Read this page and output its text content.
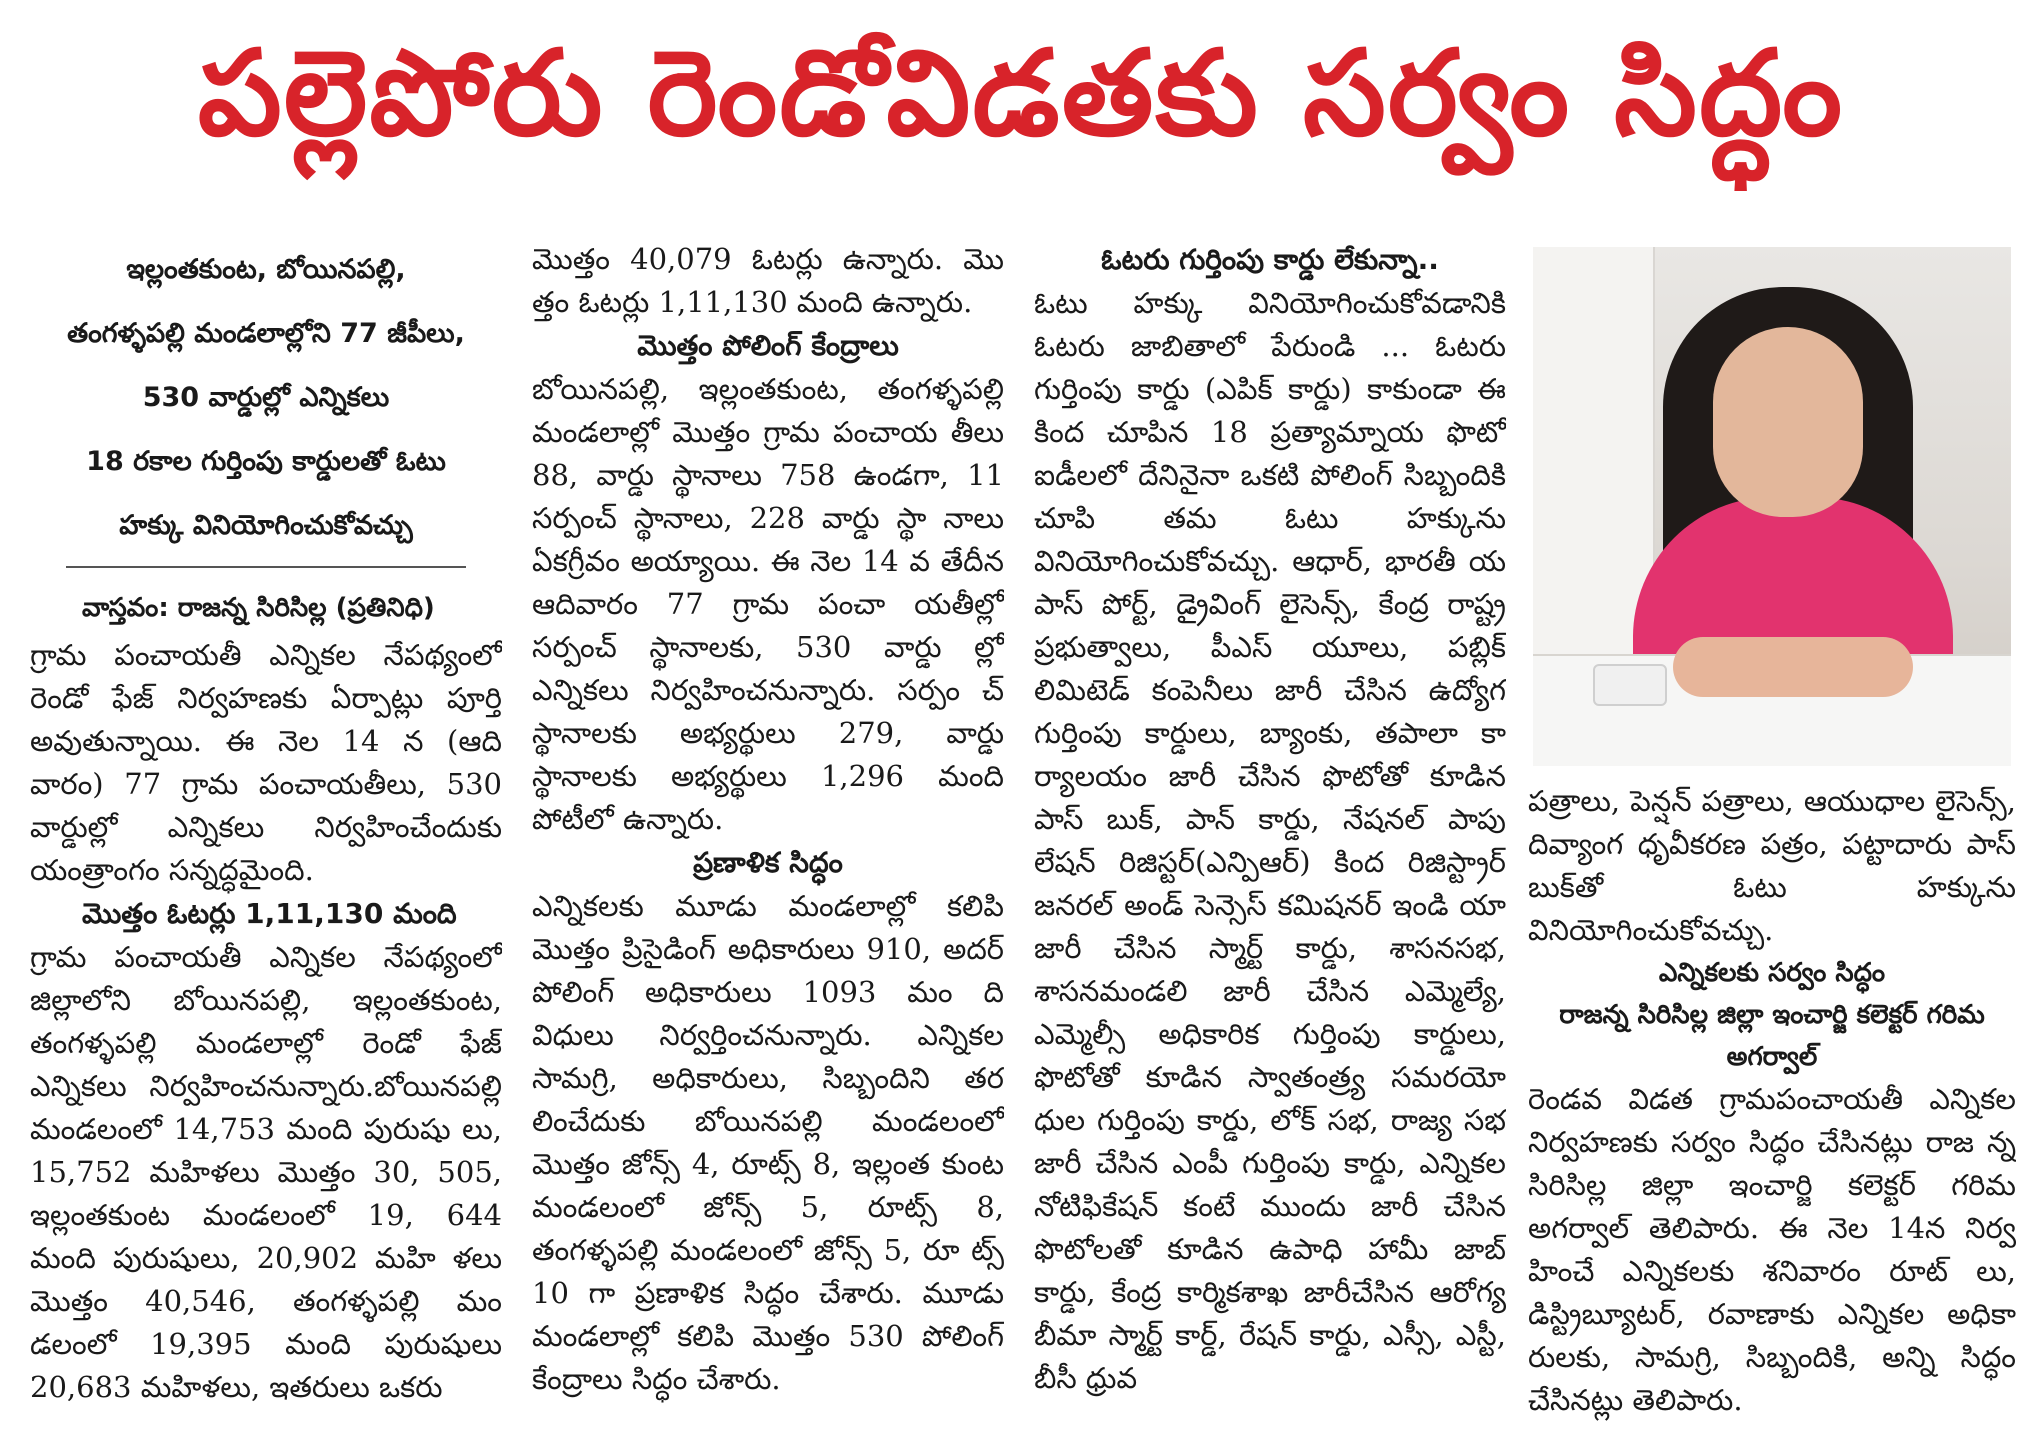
పల్లెపోరు రెండోవిడతకు సర్వం సిద్ధం
ఇల్లంతకుంట, బోయినపల్లి,
తంగళ్ళపల్లి మండలాల్లోని 77 జీపీలు,
530 వార్డుల్లో ఎన్నికలు
18 రకాల గుర్తింపు కార్డులతో ఓటు
హక్కు వినియోగించుకోవచ్చు
వాస్తవం: రాజన్న సిరిసిల్ల (ప్రతినిధి)

గ్రామ పంచాయతీ ఎన్నికల నేపథ్యంలో రెండో ఫేజ్ నిర్వహణకు ఏర్పాట్లు పూర్తి అవుతున్నాయి. ఈ నెల 14 న (ఆది వారం) 77 గ్రామ పంచాయతీలు, 530 వార్డుల్లో ఎన్నికలు నిర్వహించేందుకు యంత్రాంగం సన్నద్ధమైంది.

మొత్తం ఓటర్లు 1,11,130 మంది

గ్రామ పంచాయతీ ఎన్నికల నేపథ్యంలో జిల్లాలోని బోయినపల్లి, ఇల్లంతకుంట, తంగళ్ళపల్లి మండలాల్లో రెండో ఫేజ్ ఎన్నికలు నిర్వహించనున్నారు.బోయినపల్లి మండలంలో 14,753 మంది పురుషు లు, 15,752 మహిళలు మొత్తం 30, 505, ఇల్లంతకుంట మండలంలో 19, 644 మంది పురుషులు, 20,902 మహి ళలు మొత్తం 40,546, తంగళ్ళపల్లి మం డలంలో 19,395 మంది పురుషులు 20,683 మహిళలు, ఇతరులు ఒకరు

మొత్తం 40,079 ఓటర్లు ఉన్నారు. మొ త్తం ఓటర్లు 1,11,130 మంది ఉన్నారు.

మొత్తం పోలింగ్ కేంద్రాలు

బోయినపల్లి, ఇల్లంతకుంట, తంగళ్ళపల్లి మండలాల్లో మొత్తం గ్రామ పంచాయ తీలు 88, వార్డు స్థానాలు 758 ఉండగా, 11 సర్పంచ్ స్థానాలు, 228 వార్డు స్థా నాలు ఏకగ్రీవం అయ్యాయి. ఈ నెల 14 వ తేదీన ఆదివారం 77 గ్రామ పంచా యతీల్లో సర్పంచ్ స్థానాలకు, 530 వార్డు ల్లో ఎన్నికలు నిర్వహించనున్నారు. సర్పం చ్ స్థానాలకు అభ్యర్థులు 279, వార్డు స్థానాలకు అభ్యర్థులు 1,296 మంది పోటీలో ఉన్నారు.

ప్రణాళిక సిద్ధం

ఎన్నికలకు మూడు మండలాల్లో కలిపి మొత్తం ప్రిసైడింగ్ అధికారులు 910, అదర్ పోలింగ్ అధికారులు 1093 మం ది విధులు నిర్వర్తించనున్నారు. ఎన్నికల సామగ్రి, అధికారులు, సిబ్బందిని తర లించేదుకు బోయినపల్లి మండలంలో మొత్తం జోన్స్ 4, రూట్స్ 8, ఇల్లంత కుంట మండలంలో జోన్స్ 5, రూట్స్ 8, తంగళ్ళపల్లి మండలంలో జోన్స్ 5, రూ ట్స్ 10 గా ప్రణాళిక సిద్ధం చేశారు. మూడు మండలాల్లో కలిపి మొత్తం 530 పోలింగ్ కేంద్రాలు సిద్ధం చేశారు.

ఓటరు గుర్తింపు కార్డు లేకున్నా..

ఓటు హక్కు వినియోగించుకోవడానికి ఓటరు జాబితాలో పేరుండి ... ఓటరు గుర్తింపు కార్డు (ఎపిక్ కార్డు) కాకుండా ఈ కింద చూపిన 18 ప్రత్యామ్నాయ ఫొటో ఐడీలలో దేనినైనా ఒకటి పోలింగ్ సిబ్బందికి చూపి తమ ఓటు హక్కును వినియోగించుకోవచ్చు. ఆధార్, భారతీ య పాస్ పోర్ట్, డ్రైవింగ్ లైసెన్స్, కేంద్ర రాష్ట్ర ప్రభుత్వాలు, పీఎస్ యూలు, పబ్లిక్ లిమిటెడ్ కంపెనీలు జారీ చేసిన ఉద్యోగ గుర్తింపు కార్డులు, బ్యాంకు, తపాలా కా ర్యాలయం జారీ చేసిన ఫొటోతో కూడిన పాస్ బుక్, పాన్ కార్డు, నేషనల్ పాపు లేషన్ రిజిస్టర్(ఎన్పిఆర్) కింద రిజిస్ట్రార్ జనరల్ అండ్ సెన్సెస్ కమిషనర్ ఇండి యా జారీ చేసిన స్మార్ట్ కార్డు, శాసనసభ, శాసనమండలి జారీ చేసిన ఎమ్మెల్యే, ఎమ్మెల్సీ అధికారిక గుర్తింపు కార్డులు, ఫొటోతో కూడిన స్వాతంత్ర్య సమరయో ధుల గుర్తింపు కార్డు, లోక్ సభ, రాజ్య సభ జారీ చేసిన ఎంపీ గుర్తింపు కార్డు, ఎన్నికల నోటిఫికేషన్ కంటే ముందు జారీ చేసిన ఫొటోలతో కూడిన ఉపాధి హామీ జాబ్ కార్డు, కేంద్ర కార్మికశాఖ జారీచేసిన ఆరోగ్య బీమా స్మార్ట్ కార్డ్, రేషన్ కార్డు, ఎస్సీ, ఎస్టీ, బీసీ ధ్రువ

పత్రాలు, పెన్షన్ పత్రాలు, ఆయుధాల లైసెన్స్, దివ్యాంగ ధృవీకరణ పత్రం, పట్టాదారు పాస్ బుక్‌తో ఓటు హక్కును వినియోగించుకోవచ్చు.

ఎన్నికలకు సర్వం సిద్ధం
రాజన్న సిరిసిల్ల జిల్లా ఇంచార్జి కలెక్టర్ గరిమ అగర్వాల్

రెండవ విడత గ్రామపంచాయతీ ఎన్నికల నిర్వహణకు సర్వం సిద్ధం చేసినట్లు రాజ న్న సిరిసిల్ల జిల్లా ఇంచార్జి కలెక్టర్ గరిమ అగర్వాల్ తెలిపారు. ఈ నెల 14న నిర్వ హించే ఎన్నికలకు శనివారం రూట్ లు, డిస్ట్రిబ్యూటర్, రవాణాకు ఎన్నికల అధికా రులకు, సామగ్రి, సిబ్బందికి, అన్ని సిద్ధం చేసినట్లు తెలిపారు.
